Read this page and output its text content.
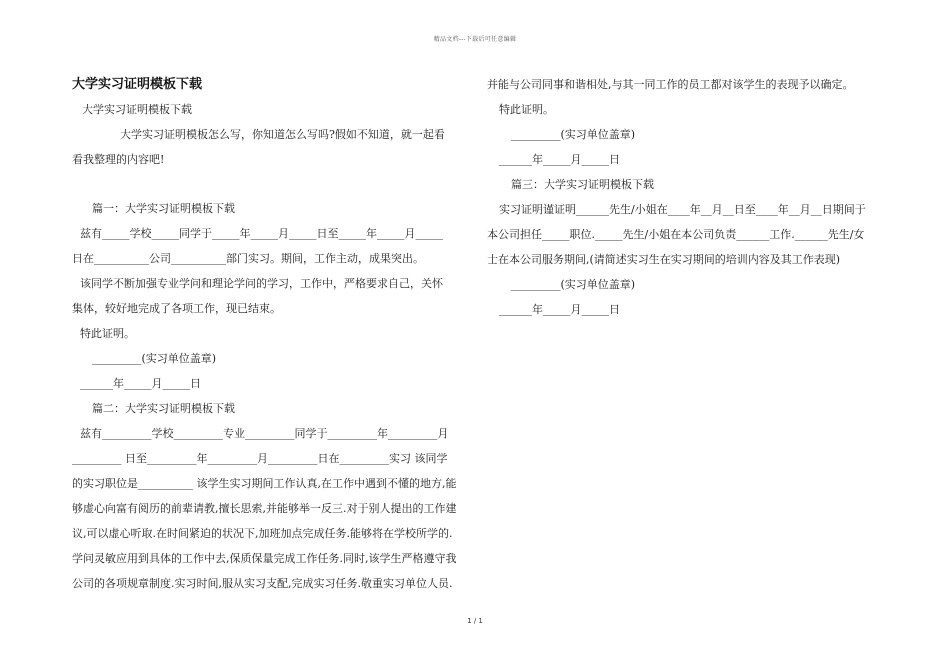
精品文档---下载后可任意编辑
大学实习证明模板下载
大学实习证明模板下载
大学实习证明模板怎么写，你知道怎么写吗?假如不知道，就一起看
看我整理的内容吧!
篇一：大学实习证明模板下载
兹有_____学校_____同学于_____年_____月_____日至_____年_____月_____
日在__________公司__________部门实习。期间，工作主动，成果突出。
该同学不断加强专业学问和理论学问的学习，工作中，严格要求自己，关怀
集体，较好地完成了各项工作，现已结束。
特此证明。
_________(实习单位盖章)
______年_____月_____日
篇二：大学实习证明模板下载
兹有_________学校_________专业_________同学于_________年_________月
_________ 日至_________年_________月_________日在_________实习 该同学
的实习职位是__________ 该学生实习期间工作认真,在工作中遇到不懂的地方,能
够虚心向富有阅历的前辈请教,擅长思索,并能够举一反三.对于别人提出的工作建
议,可以虚心听取.在时间紧迫的状况下,加班加点完成任务.能够将在学校所学的.
学问灵敏应用到具体的工作中去,保质保量完成工作任务.同时,该学生严格遵守我
公司的各项规章制度.实习时间,服从实习支配,完成实习任务.敬重实习单位人员.
并能与公司同事和谐相处,与其一同工作的员工都对该学生的表现予以确定。
特此证明。
_________(实习单位盖章)
______年_____月_____日
篇三：大学实习证明模板下载
实习证明谨证明______先生/小姐在____年__月__日至____年__月__日期间于
本公司担任_____职位._____先生/小姐在本公司负责______工作.______先生/女
士在本公司服务期间,(请简述实习生在实习期间的培训内容及其工作表现)
_________(实习单位盖章)
______年_____月_____日
1 / 1
